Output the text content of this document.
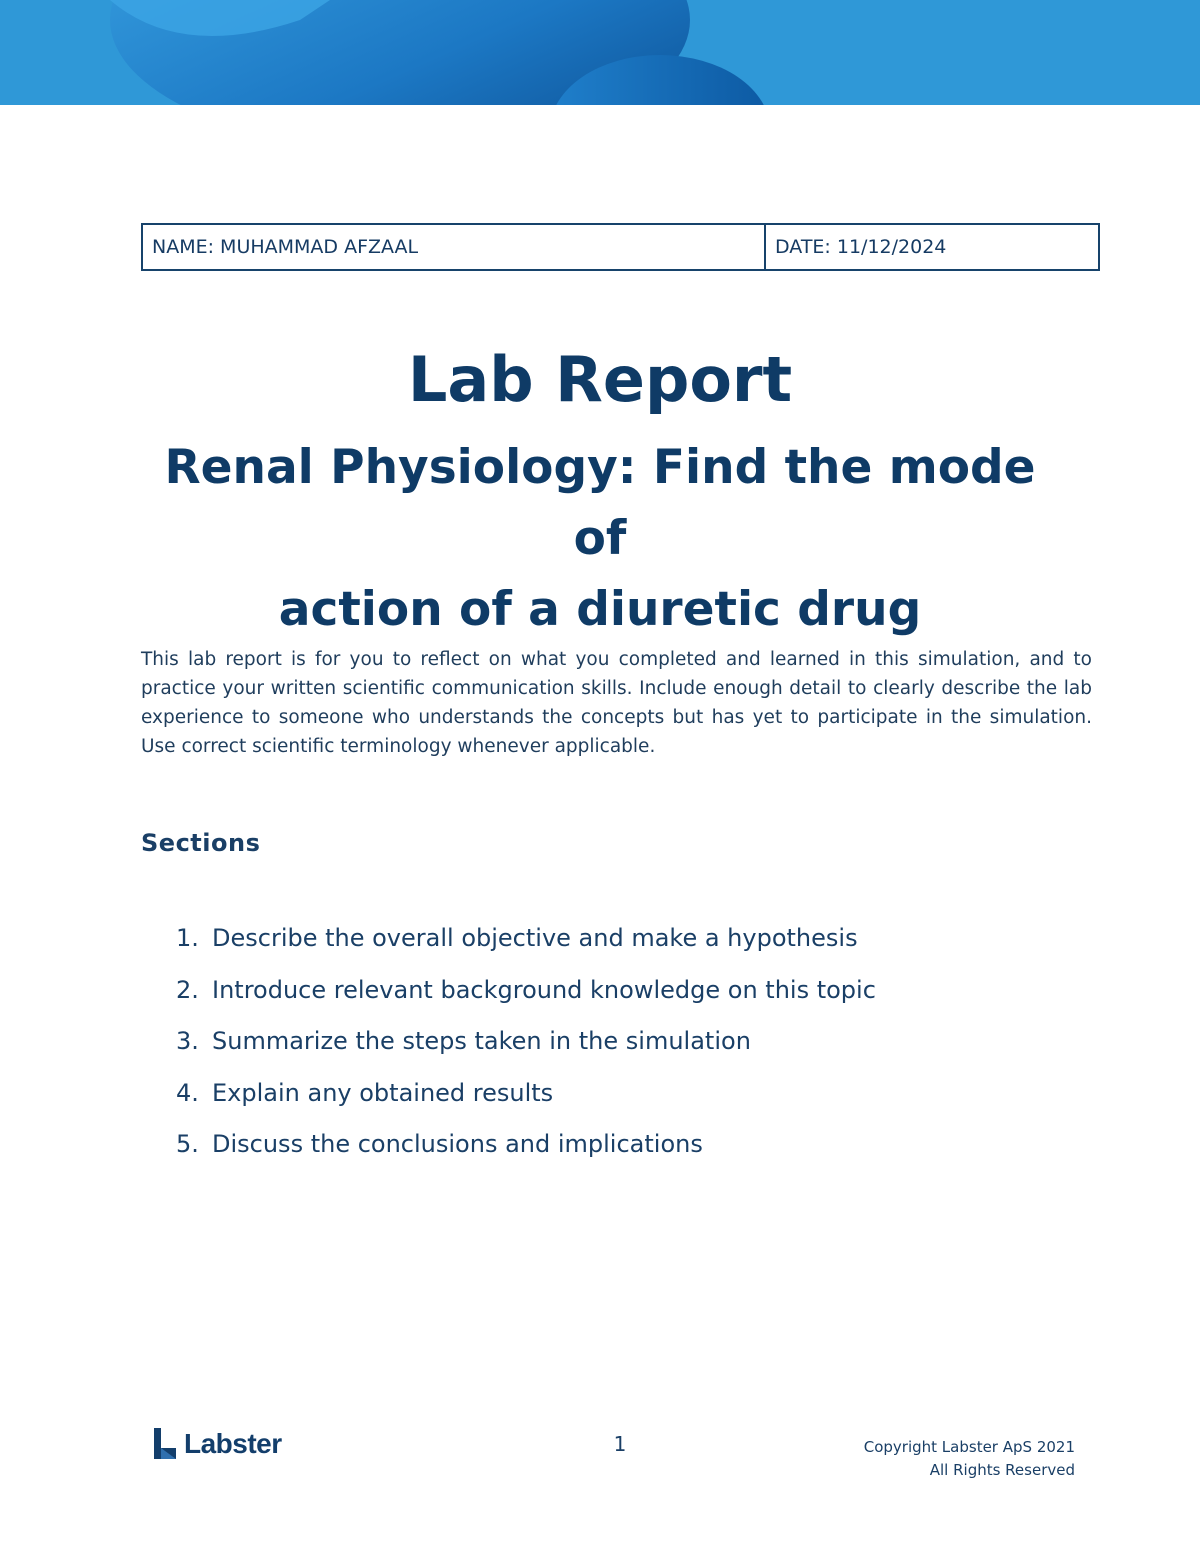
NAME: MUHAMMAD AFZAAL	DATE: 11/12/2024
Lab Report
Renal Physiology: Find the mode of
action of a diuretic drug

This lab report is for you to reflect on what you completed and learned in this simulation, and to practice your written scientific communication skills. Include enough detail to clearly describe the lab experience to someone who understands the concepts but has yet to participate in the simulation. Use correct scientific terminology whenever applicable.

Sections
1. Describe the overall objective and make a hypothesis
2. Introduce relevant background knowledge on this topic
3. Summarize the steps taken in the simulation
4. Explain any obtained results
5. Discuss the conclusions and implications
Labster	1	Copyright Labster ApS 2021
All Rights Reserved
